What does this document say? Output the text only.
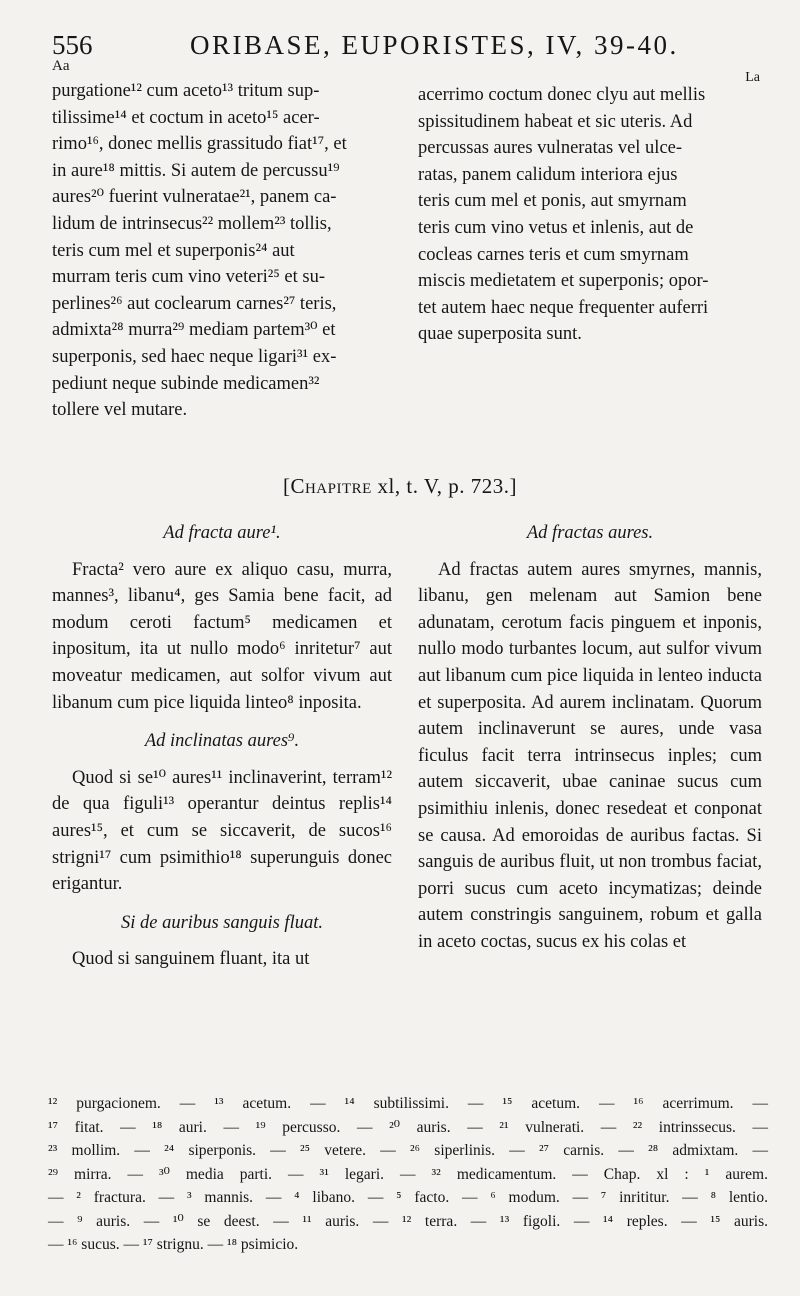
556	ORIBASE, EUPORISTES, IV, 39-40.
Aa
La

purgatione¹² cum aceto¹³ tritum sup-

tilissime¹⁴ et coctum in aceto¹⁵ acer-

rimo¹⁶, donec mellis grassitudo fiat¹⁷, et

in aure¹⁸ mittis. Si autem de percussu¹⁹

aures²⁰ fuerint vulneratae²¹, panem ca-

lidum de intrinsecus²² mollem²³ tollis,

teris cum mel et superponis²⁴ aut

murram teris cum vino veteri²⁵ et su-

perlines²⁶ aut coclearum carnes²⁷ teris,

admixta²⁸ murra²⁹ mediam partem³⁰ et

superponis, sed haec neque ligari³¹ ex-

pediunt neque subinde medicamen³²

tollere vel mutare.

acerrimo coctum donec clyu aut mellis

spissitudinem habeat et sic uteris. Ad

percussas aures vulneratas vel ulce-

ratas, panem calidum interiora ejus

teris cum mel et ponis, aut smyrnam

teris cum vino vetus et inlenis, aut de

cocleas carnes teris et cum smyrnam

miscis medietatem et superponis; opor-

tet autem haec neque frequenter auferri

quae superposita sunt.

[Chapitre xl, t. V, p. 723.]

Ad fracta aure¹.

Fracta² vero aure ex aliquo casu, murra, mannes³, libanu⁴, ges Samia bene facit, ad modum ceroti factum⁵ medicamen et inpositum, ita ut nullo modo⁶ inritetur⁷ aut moveatur medicamen, aut solfor vivum aut libanum cum pice liquida linteo⁸ inposita.

Ad inclinatas aures⁹.

Quod si se¹⁰ aures¹¹ inclinaverint, terram¹² de qua figuli¹³ operantur deintus replis¹⁴ aures¹⁵, et cum se siccaverit, de sucos¹⁶ strigni¹⁷ cum psimithio¹⁸ superunguis donec erigantur.

Si de auribus sanguis fluat.

Quod si sanguinem fluant, ita ut

Ad fractas aures.

Ad fractas autem aures smyrnes, mannis, libanu, gen melenam aut Samion bene adunatam, cerotum facis pinguem et inponis, nullo modo turbantes locum, aut sulfor vivum aut libanum cum pice liquida in lenteo inducta et superposita. Ad aurem inclinatam. Quorum autem inclinaverunt se aures, unde vasa ficulus facit terra intrinsecus inples; cum autem siccaverit, ubae caninae sucus cum psimithiu inlenis, donec resedeat et conponat se causa. Ad emoroidas de auribus factas. Si sanguis de auribus fluit, ut non trombus faciat, porri sucus cum aceto incymatizas; deinde autem constringis sanguinem, robum et galla in aceto coctas, sucus ex his colas et

¹² purgacionem. — ¹³ acetum. — ¹⁴ subtilissimi. — ¹⁵ acetum. — ¹⁶ acerrimum. —

¹⁷ fitat. — ¹⁸ auri. — ¹⁹ percusso. — ²⁰ auris. — ²¹ vulnerati. — ²² intrinssecus. —

²³ mollim. — ²⁴ siperponis. — ²⁵ vetere. — ²⁶ siperlinis. — ²⁷ carnis. — ²⁸ admixtam. —

²⁹ mirra. — ³⁰ media parti. — ³¹ legari. — ³² medicamentum. — Chap. xl : ¹ aurem.

— ² fractura. — ³ mannis. — ⁴ libano. — ⁵ facto. — ⁶ modum. — ⁷ inrititur. — ⁸ lentio.

— ⁹ auris. — ¹⁰ se deest. — ¹¹ auris. — ¹² terra. — ¹³ figoli. — ¹⁴ reples. — ¹⁵ auris.

— ¹⁶ sucus. — ¹⁷ strignu. — ¹⁸ psimicio.
